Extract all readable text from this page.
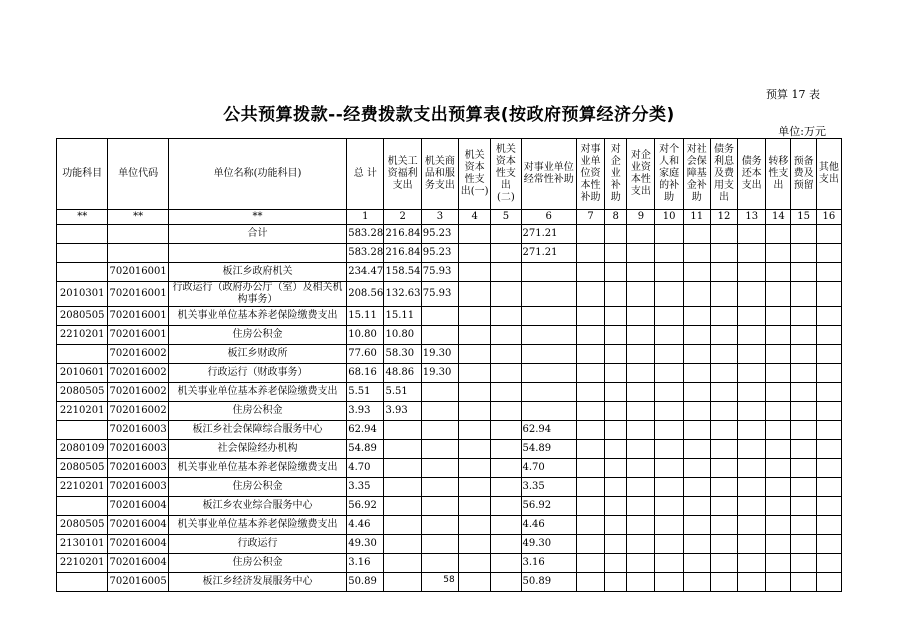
预算 17 表
公共预算拨款--经费拨款支出预算表(按政府预算经济分类)
单位:万元
功能科目	单位代码	单位名称(功能科目)	总 计	机关工资福利支出	机关商品和服务支出	机关资本性支出(一)	机关资本性支出(二)	对事业单位经常性补助	对事业单位资本性补助	对企业补助	对企业资本性支出	对个人和家庭的补助	对社会保障基金补助	债务利息及费用支出	债务还本支出	转移性支出	预备费及预留	其他支出
**	**	**	1	2	3	4	5	6	7	8	9	10	11	12	13	14	15	16
		合计	583.28	216.84	95.23			271.21										
			583.28	216.84	95.23			271.21										
	702016001	板江乡政府机关	234.47	158.54	75.93													
2010301	702016001	行政运行（政府办公厅（室）及相关机构事务）	208.56	132.63	75.93													
2080505	702016001	机关事业单位基本养老保险缴费支出	15.11	15.11														
2210201	702016001	住房公积金	10.80	10.80														
	702016002	板江乡财政所	77.60	58.30	19.30													
2010601	702016002	行政运行（财政事务）	68.16	48.86	19.30													
2080505	702016002	机关事业单位基本养老保险缴费支出	5.51	5.51														
2210201	702016002	住房公积金	3.93	3.93														
	702016003	板江乡社会保障综合服务中心	62.94					62.94										
2080109	702016003	社会保险经办机构	54.89					54.89										
2080505	702016003	机关事业单位基本养老保险缴费支出	4.70					4.70										
2210201	702016003	住房公积金	3.35					3.35										
	702016004	板江乡农业综合服务中心	56.92					56.92										
2080505	702016004	机关事业单位基本养老保险缴费支出	4.46					4.46										
2130101	702016004	行政运行	49.30					49.30										
2210201	702016004	住房公积金	3.16					3.16										
	702016005	板江乡经济发展服务中心	50.89					50.89										
58
